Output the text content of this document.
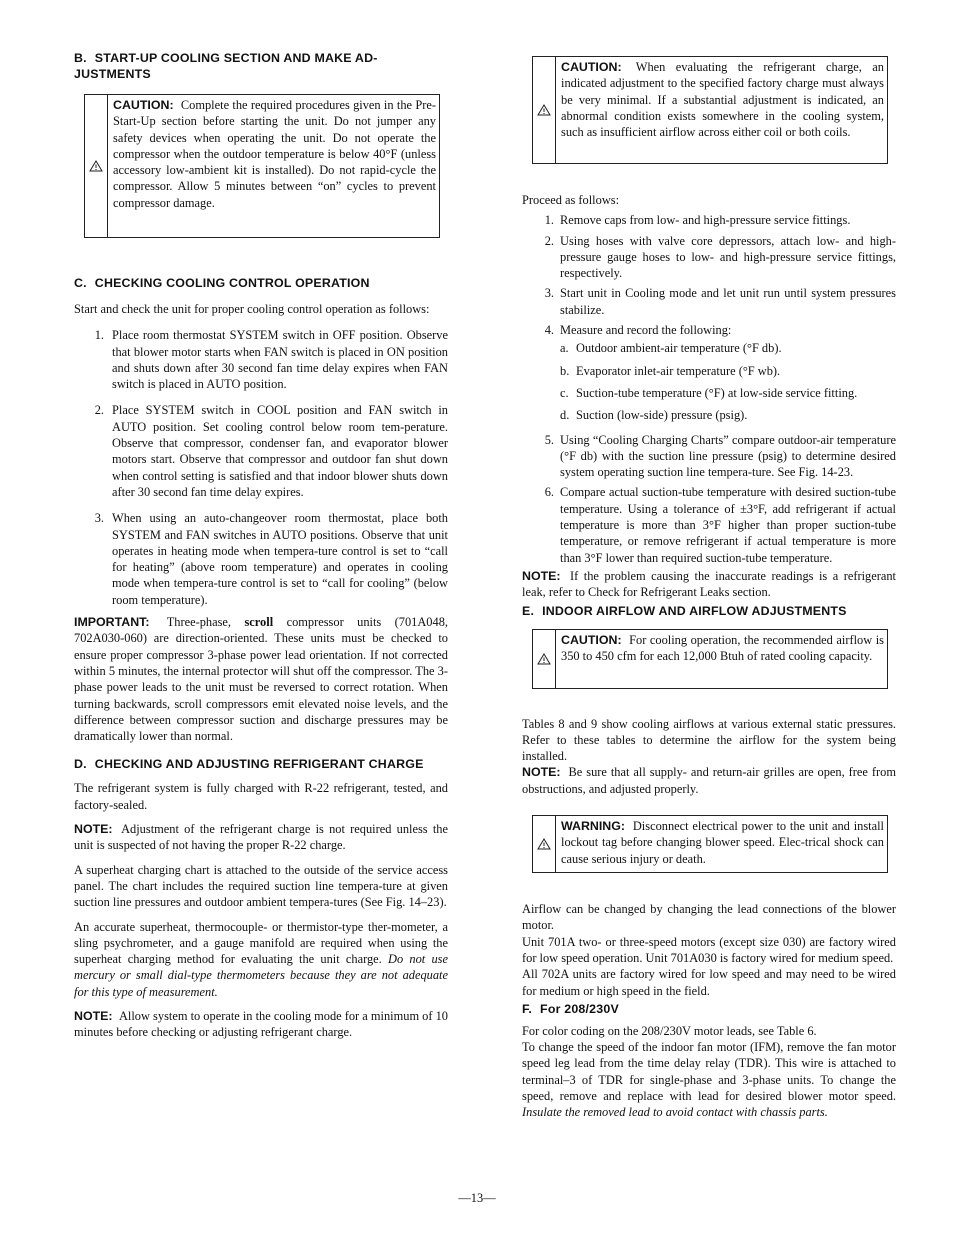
B. START-UP COOLING SECTION AND MAKE AD-JUSTMENTS
CAUTION: Complete the required procedures given in the Pre-Start-Up section before starting the unit. Do not jumper any safety devices when operating the unit. Do not operate the compressor when the outdoor temperature is below 40°F (unless accessory low-ambient kit is installed). Do not rapid-cycle the compressor. Allow 5 minutes between “on” cycles to prevent compressor damage.
C. CHECKING COOLING CONTROL OPERATION

Start and check the unit for proper cooling control operation as follows:

1. Place room thermostat SYSTEM switch in OFF position. Observe that blower motor starts when FAN switch is placed in ON position and shuts down after 30 second fan time delay expires when FAN switch is placed in AUTO position.
2. Place SYSTEM switch in COOL position and FAN switch in AUTO position. Set cooling control below room tem-perature. Observe that compressor, condenser fan, and evaporator blower motors start. Observe that compressor and outdoor fan shut down when control setting is satisfied and that indoor blower shuts down after 30 second fan time delay expires.
3. When using an auto-changeover room thermostat, place both SYSTEM and FAN switches in AUTO positions. Observe that unit operates in heating mode when tempera-ture control is set to “call for heating” (above room temperature) and operates in cooling mode when tempera-ture control is set to “call for cooling” (below room temperature).

IMPORTANT: Three-phase, scroll compressor units (701A048, 702A030-060) are direction-oriented. These units must be checked to ensure proper compressor 3-phase power lead orientation. If not corrected within 5 minutes, the internal protector will shut off the compressor. The 3-phase power leads to the unit must be reversed to correct rotation. When turning backwards, scroll compressors emit elevated noise levels, and the difference between compressor suction and discharge pressures may be dramatically lower than normal.

D. CHECKING AND ADJUSTING REFRIGERANT CHARGE

The refrigerant system is fully charged with R-22 refrigerant, tested, and factory-sealed.

NOTE: Adjustment of the refrigerant charge is not required unless the unit is suspected of not having the proper R-22 charge.

A superheat charging chart is attached to the outside of the service access panel. The chart includes the required suction line tempera-ture at given suction line pressures and outdoor ambient tempera-tures (See Fig. 14–23).

An accurate superheat, thermocouple- or thermistor-type ther-mometer, a sling psychrometer, and a gauge manifold are required when using the superheat charging method for evaluating the unit charge. Do not use mercury or small dial-type thermometers because they are not adequate for this type of measurement.

NOTE: Allow system to operate in the cooling mode for a minimum of 10 minutes before checking or adjusting refrigerant charge.

CAUTION: When evaluating the refrigerant charge, an indicated adjustment to the specified factory charge must always be very minimal. If a substantial adjustment is indicated, an abnormal condition exists somewhere in the cooling system, such as insufficient airflow across either coil or both coils.

Proceed as follows:

1. Remove caps from low- and high-pressure service fittings.
2. Using hoses with valve core depressors, attach low- and high-pressure gauge hoses to low- and high-pressure service fittings, respectively.
3. Start unit in Cooling mode and let unit run until system pressures stabilize.
4. Measure and record the following:
a. Outdoor ambient-air temperature (°F db).
b. Evaporator inlet-air temperature (°F wb).
c. Suction-tube temperature (°F) at low-side service fitting.
d. Suction (low-side) pressure (psig).
5. Using “Cooling Charging Charts” compare outdoor-air temperature (°F db) with the suction line pressure (psig) to determine desired system operating suction line tempera-ture. See Fig. 14-23.
6. Compare actual suction-tube temperature with desired suction-tube temperature. Using a tolerance of ±3°F, add refrigerant if actual temperature is more than 3°F higher than proper suction-tube temperature, or remove refrigerant if actual temperature is more than 3°F lower than required suction-tube temperature.

NOTE: If the problem causing the inaccurate readings is a refrigerant leak, refer to Check for Refrigerant Leaks section.

E. INDOOR AIRFLOW AND AIRFLOW ADJUSTMENTS
CAUTION: For cooling operation, the recommended airflow is 350 to 450 cfm for each 12,000 Btuh of rated cooling capacity.

Tables 8 and 9 show cooling airflows at various external static pressures. Refer to these tables to determine the airflow for the system being installed.

NOTE: Be sure that all supply- and return-air grilles are open, free from obstructions, and adjusted properly.

WARNING: Disconnect electrical power to the unit and install lockout tag before changing blower speed. Elec-trical shock can cause serious injury or death.

Airflow can be changed by changing the lead connections of the blower motor.

Unit 701A two- or three-speed motors (except size 030) are factory wired for low speed operation. Unit 701A030 is factory wired for medium speed.

All 702A units are factory wired for low speed and may need to be wired for medium or high speed in the field.

F. For 208/230V

For color coding on the 208/230V motor leads, see Table 6.

To change the speed of the indoor fan motor (IFM), remove the fan motor speed leg lead from the time delay relay (TDR). This wire is attached to terminal–3 of TDR for single-phase and 3-phase units. To change the speed, remove and replace with lead for desired blower motor speed. Insulate the removed lead to avoid contact with chassis parts.

—13—
